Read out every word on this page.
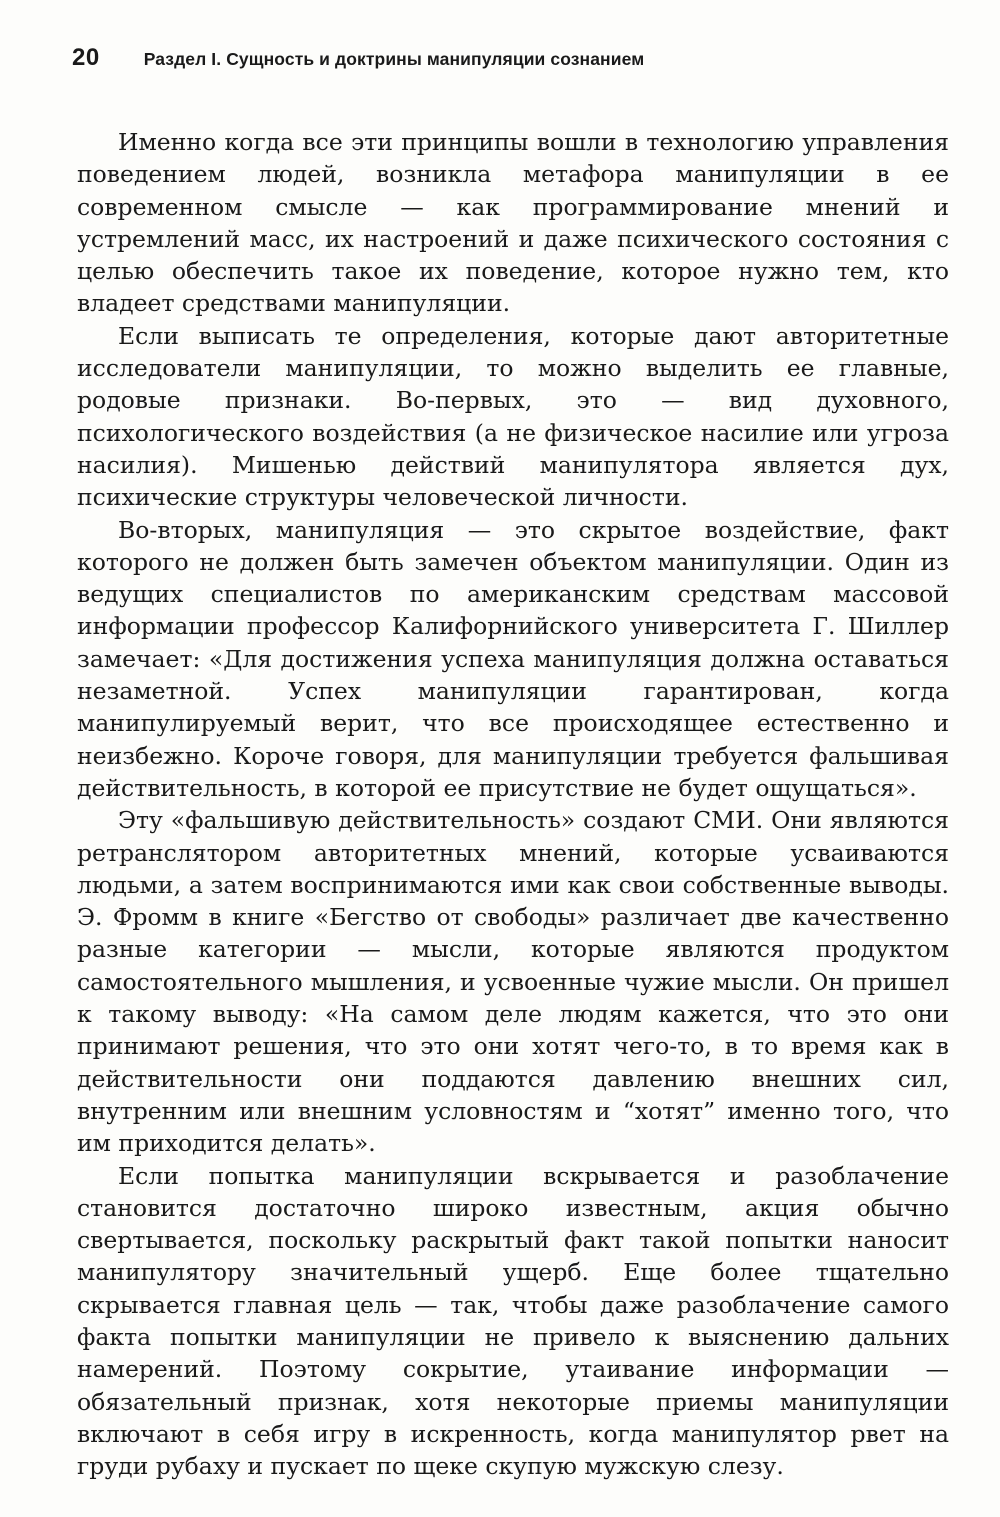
20	Раздел I. Сущность и доктрины манипуляции сознанием

Именно когда все эти принципы вошли в технологию управления поведением людей, возникла метафора манипуляции в ее современном смысле — как программирование мнений и устремлений масс, их настроений и даже психического состояния с целью обеспечить такое их поведение, которое нужно тем, кто владеет средствами манипуляции.

Если выписать те определения, которые дают авторитетные исследователи манипуляции, то можно выделить ее главные, родовые признаки. Во-первых, это — вид духовного, психологического воздействия (а не физическое насилие или угроза насилия). Мишенью действий манипулятора является дух, психические структуры человеческой личности.

Во-вторых, манипуляция — это скрытое воздействие, факт которого не должен быть замечен объектом манипуляции. Один из ведущих специалистов по американским средствам массовой информации профессор Калифорнийского университета Г. Шиллер замечает: «Для достижения успеха манипуляция должна оставаться незаметной. Успех манипуляции гарантирован, когда манипулируемый верит, что все происходящее естественно и неизбежно. Короче говоря, для манипуляции требуется фальшивая действительность, в которой ее присутствие не будет ощущаться».

Эту «фальшивую действительность» создают СМИ. Они являются ретранслятором авторитетных мнений, которые усваиваются людьми, а затем воспринимаются ими как свои собственные выводы. Э. Фромм в книге «Бегство от свободы» различает две качественно разные категории — мысли, которые являются продуктом самостоятельного мышления, и усвоенные чужие мысли. Он пришел к такому выводу: «На самом деле людям кажется, что это они принимают решения, что это они хотят чего-то, в то время как в действительности они поддаются давлению внешних сил, внутренним или внешним условностям и “хотят” именно того, что им приходится делать».

Если попытка манипуляции вскрывается и разоблачение становится достаточно широко известным, акция обычно свертывается, поскольку раскрытый факт такой попытки наносит манипулятору значительный ущерб. Еще более тщательно скрывается главная цель — так, чтобы даже разоблачение самого факта попытки манипуляции не привело к выяснению дальних намерений. Поэтому сокрытие, утаивание информации — обязательный признак, хотя некоторые приемы манипуляции включают в себя игру в искренность, когда манипулятор рвет на груди рубаху и пускает по щеке скупую мужскую слезу.
